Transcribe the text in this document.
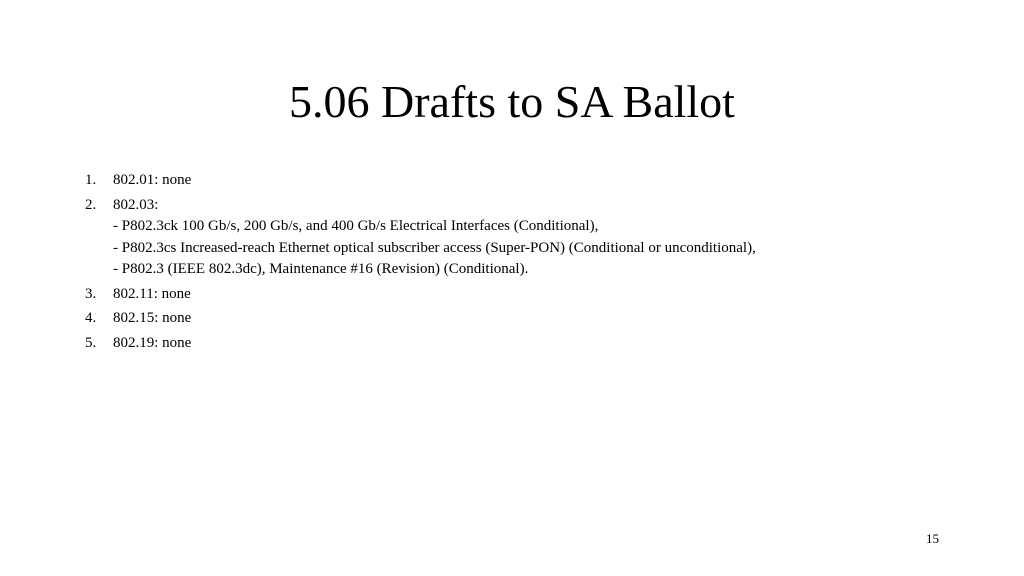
5.06 Drafts to SA Ballot
1. 802.01: none
2. 802.03:
- P802.3ck 100 Gb/s, 200 Gb/s, and 400 Gb/s Electrical Interfaces (Conditional),
- P802.3cs Increased-reach Ethernet optical subscriber access (Super-PON) (Conditional or unconditional),
- P802.3 (IEEE 802.3dc), Maintenance #16 (Revision) (Conditional).
3. 802.11: none
4. 802.15: none
5. 802.19: none
15
